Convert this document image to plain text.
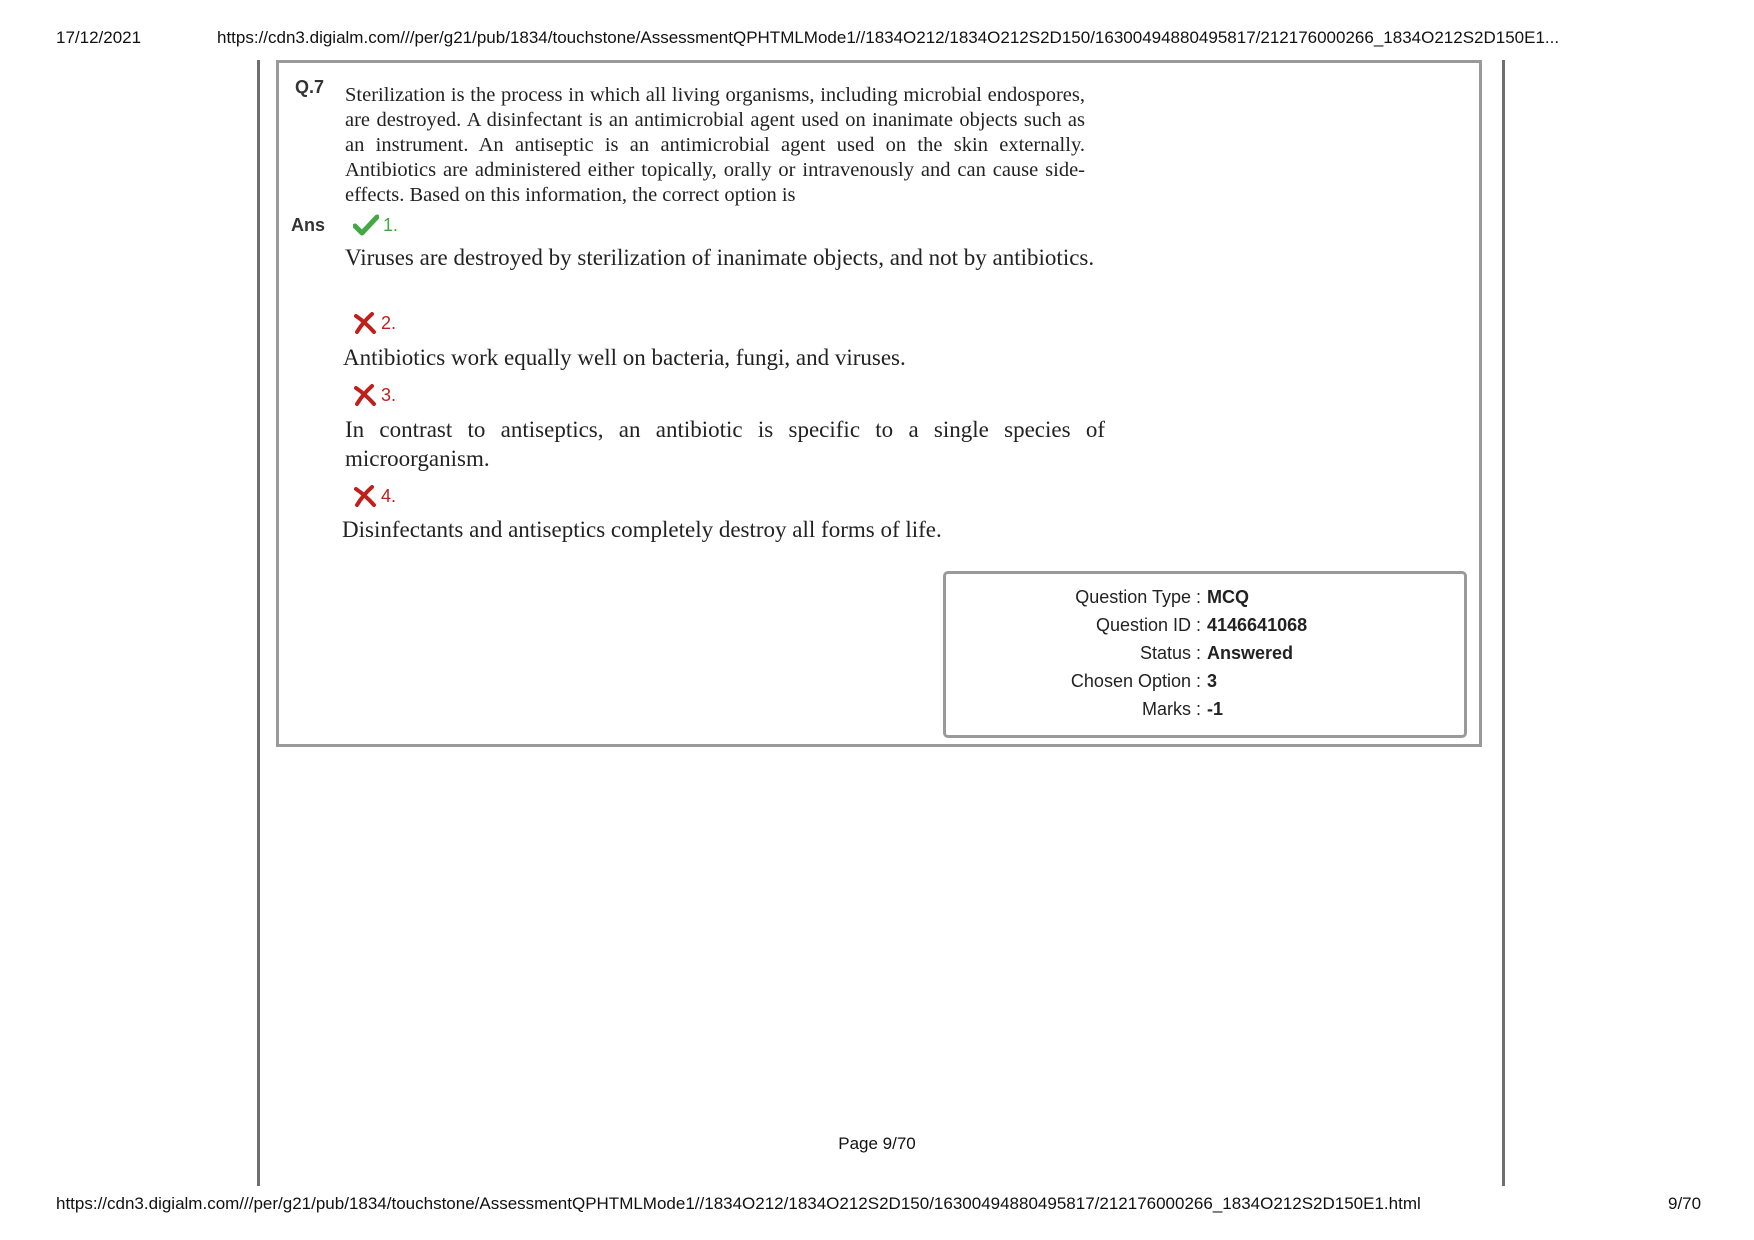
17/12/2021	https://cdn3.digialm.com///per/g21/pub/1834/touchstone/AssessmentQPHTMLMode1//1834O212/1834O212S2D150/16300494880495817/212176000266_1834O212S2D150E1...
Q.7 Sterilization is the process in which all living organisms, including microbial endospores, are destroyed. A disinfectant is an antimicrobial agent used on inanimate objects such as an instrument. An antiseptic is an antimicrobial agent used on the skin externally. Antibiotics are administered either topically, orally or intravenously and can cause side-effects. Based on this information, the correct option is
Ans	1.
Viruses are destroyed by sterilization of inanimate objects, and not by antibiotics.
2.
Antibiotics work equally well on bacteria, fungi, and viruses.
3.
In contrast to antiseptics, an antibiotic is specific to a single species of microorganism.
4.
Disinfectants and antiseptics completely destroy all forms of life.
Question Type : MCQ
Question ID : 4146641068
Status : Answered
Chosen Option : 3
Marks : -1
Page 9/70
https://cdn3.digialm.com///per/g21/pub/1834/touchstone/AssessmentQPHTMLMode1//1834O212/1834O212S2D150/16300494880495817/212176000266_1834O212S2D150E1.html	9/70
